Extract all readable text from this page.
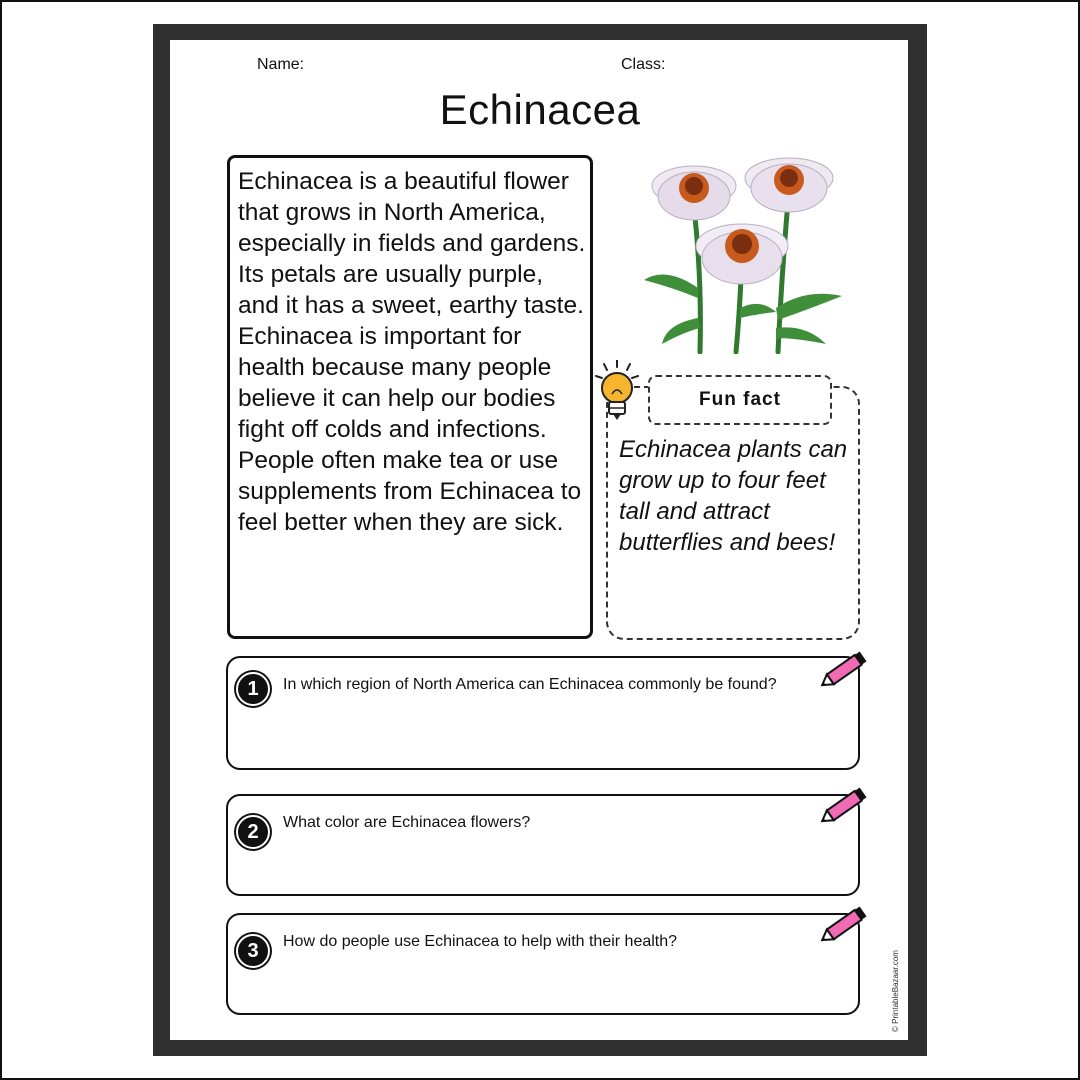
Name:	Class:
Echinacea

Echinacea is a beautiful flower that grows in North America, especially in fields and gardens. Its petals are usually purple, and it has a sweet, earthy taste. Echinacea is important for health because many people believe it can help our bodies fight off colds and infections. People often make tea or use supplements from Echinacea to feel better when they are sick.

Fun fact
Echinacea plants can grow up to four feet tall and attract butterflies and bees!
1	In which region of North America can Echinacea commonly be found?
2	What color are Echinacea flowers?
3	How do people use Echinacea to help with their health?
© PrintableBazaar.com
